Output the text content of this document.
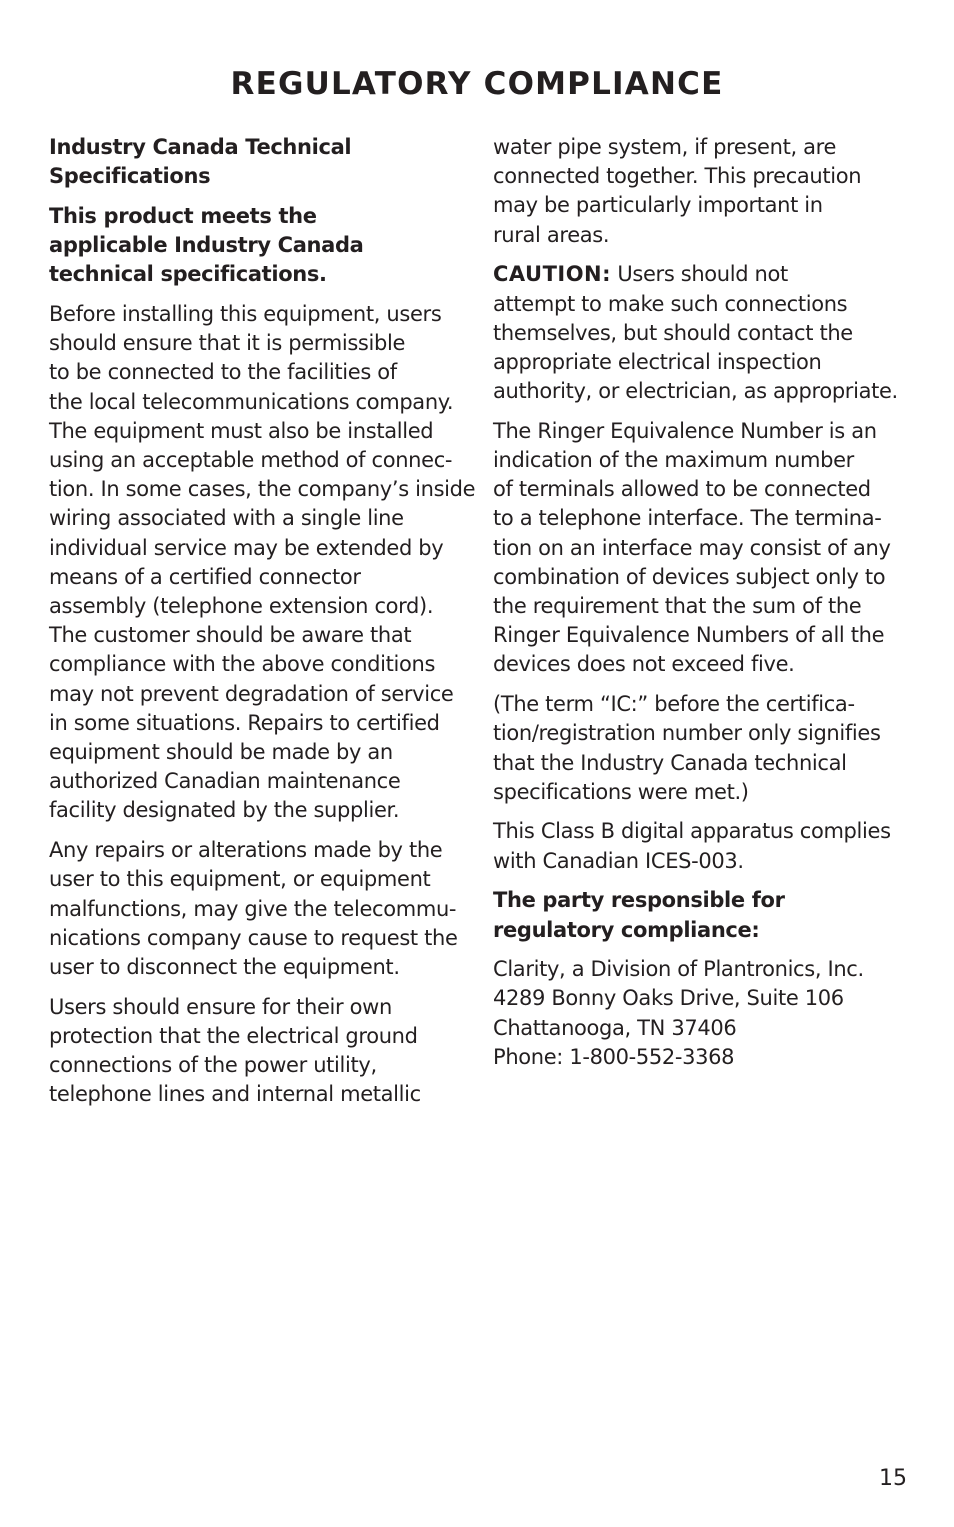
REGULATORY COMPLIANCE

Industry Canada Technical
Specifications

This product meets the
applicable Industry Canada
technical specifications.

Before installing this equipment, users
should ensure that it is permissible
to be connected to the facilities of
the local telecommunications company.
The equipment must also be installed
using an acceptable method of connec-
tion. In some cases, the company’s inside
wiring associated with a single line
individual service may be extended by
means of a certified connector
assembly (telephone extension cord).
The customer should be aware that
compliance with the above conditions
may not prevent degradation of service
in some situations. Repairs to certified
equipment should be made by an
authorized Canadian maintenance
facility designated by the supplier.

Any repairs or alterations made by the
user to this equipment, or equipment
malfunctions, may give the telecommu-
nications company cause to request the
user to disconnect the equipment.

Users should ensure for their own
protection that the electrical ground
connections of the power utility,
telephone lines and internal metallic

water pipe system, if present, are
connected together. This precaution
may be particularly important in
rural areas.

CAUTION: Users should not
attempt to make such connections
themselves, but should contact the
appropriate electrical inspection
authority, or electrician, as appropriate.

The Ringer Equivalence Number is an
indication of the maximum number
of terminals allowed to be connected
to a telephone interface. The termina-
tion on an interface may consist of any
combination of devices subject only to
the requirement that the sum of the
Ringer Equivalence Numbers of all the
devices does not exceed five.

(The term “IC:” before the certifica-
tion/registration number only signifies
that the Industry Canada technical
specifications were met.)

This Class B digital apparatus complies
with Canadian ICES-003.

The party responsible for
regulatory compliance:

Clarity, a Division of Plantronics, Inc.
4289 Bonny Oaks Drive, Suite 106
Chattanooga, TN 37406
Phone: 1-800-552-3368

15
